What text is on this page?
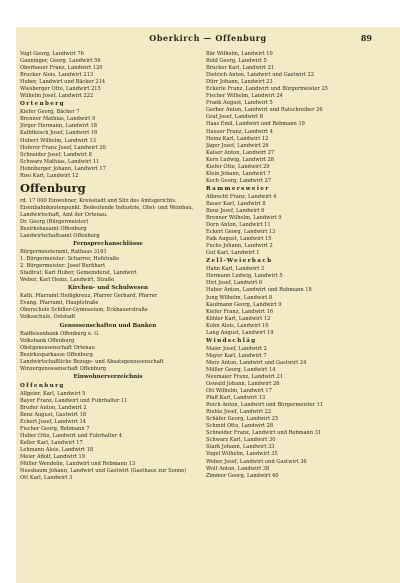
Oberkirch — Offenburg	89
Vogt Georg, Landwirt 76
Ganninger, Georg, Landwirt 56
Oberbauer Franz, Landwirt 120
Brucker Alois, Landwirt 213
Huber, Landwirt und Bäcker 214
Wiesberger Otto, Landwirt 215
Wilhelm Josef, Landwirt 222
Ortenberg
Kiefer Georg, Bäcker 7
Brenner Mathias, Landwirt 9
Jörger Hermann, Landwirt 18
Kalbfleisch Josef, Landwirt 16
Hubert Wilhelm, Landwirt 13
Hoferer Franz Josef, Landwirt 20
Schneider Josef, Landwirt 8
Schwarz Mathias, Landwirt 11
Hohnberger Johann, Landwirt 17
Rosi Karl, Landwirt 12
Offenburg
rd. 17 000 Einwohner, Kreisstadt und Sitz des Amtsgerichts. Eisenbahnknotenpunkt. Bedeutende Industrie, Obst- und Weinbau, Landwirtschaft, Amt der Ortenau.
Dr. Georg (Bürgermeister)
Bezirksbauamt Offenburg
Landwirtschaftsamt Offenburg
Fernsprechanschlüsse
Bürgermeisteramt, Rathaus 3161
1. Bürgermeister: Scharrer, Hofstraße
2. Bürgermeister: Josef Burkhart
Stadtrat: Karl Huber, Gemeinderat, Landwirt
Weber, Karl Heinz, Landwirt, Straße
Kirchen- und Schulwesen
Kath. Pfarramt Heiligkreuz, Pfarrer Gerhard, Pfarrer
Evang. Pfarramt, Hauptstraße
Oberschule Schiller-Gymnasium, Eckbauerstraße
Volksschule, Oststadt
Genossenschaften und Banken
Raiffeisenbank Offenburg e. G.
Volksbank Offenburg
Obstgenossenschaft Ortenau
Bezirkssparkasse Offenburg
Landwirtschaftliche Bezugs- und Absatzgenossenschaft
Winzergenossenschaft Offenburg
Einwohnerverzeichnis
Offenburg
Allgeier, Karl, Landwirt 5
Bayer Franz, Landwirt und Fuhrhalter 11
Bruder Anton, Landwirt 2
Benz August, Gastwirt 18
Eckert Josef, Landwirt 14
Fischer Georg, Rebmann 7
Huber Otto, Landwirt und Fuhrhalter 4
Keller Karl, Landwirt 17
Lehmann Alois, Landwirt 18
Meier Adolf, Landwirt 19
Müller Wendelin, Landwirt und Rebmann 13
Nussbaum Johann, Landwirt und Gastwirt (Gasthaus zur Sonne)
Ott Karl, Landwirt 3
Bär Wilhelm, Landwirt 10
Bold Georg, Landwirt 5
Brucker Karl, Landwirt 21
Dietrich Anton, Landwirt und Gastwirt 22
Dürr Johann, Landwirt 23
Eckerle Franz, Landwirt und Bürgermeister 25
Fischer Wilhelm, Landwirt 24
Frank August, Landwirt 5
Gerber Anton, Landwirt und Ratschreiber 26
Graf Josef, Landwirt 8
Haas Emil, Landwirt und Rebmann 19
Hauser Franz, Landwirt 4
Heinz Karl, Landwirt 12
Jäger Josef, Landwirt 26
Kaiser Anton, Landwirt 27
Kern Ludwig, Landwirt 28
Kiefer Otto, Landwirt 29
Klein Johann, Landwirt 7
Koch Georg, Landwirt 27
Rammersweier
Albrecht Franz, Landwirt 4
Bauer Karl, Landwirt 8
Benz Josef, Landwirt 6
Brenner Wilhelm, Landwirt 9
Dorn Anton, Landwirt 11
Eckert Georg, Landwirt 13
Falk August, Landwirt 15
Fuchs Johann, Landwirt 2
Gut Karl, Landwirt 1
Zell-Weierbach
Hahn Karl, Landwirt 3
Hermann Ludwig, Landwirt 5
Hirt Josef, Landwirt 6
Huber Anton, Landwirt und Rebmann 18
Jung Wilhelm, Landwirt 8
Kaufmann Georg, Landwirt 9
Kiefer Franz, Landwirt 16
Köhler Karl, Landwirt 12
Kuhn Alois, Landwirt 10
Lang August, Landwirt 19
Windschläg
Maier Josef, Landwirt 2
Mayer Karl, Landwirt 7
Merz Anton, Landwirt und Gastwirt 24
Müller Georg, Landwirt 14
Neumaier Franz, Landwirt 21
Oswald Johann, Landwirt 26
Ott Wilhelm, Landwirt 17
Pfaff Karl, Landwirt 13
Reich Anton, Landwirt und Bürgermeister 11
Riehle Josef, Landwirt 22
Schäfer Georg, Landwirt 25
Schmid Otto, Landwirt 28
Schneider Franz, Landwirt und Rebmann 31
Schwarz Karl, Landwirt 30
Stark Johann, Landwirt 33
Vogel Wilhelm, Landwirt 35
Weber Josef, Landwirt und Gastwirt 36
Wolf Anton, Landwirt 38
Zimmer Georg, Landwirt 40
